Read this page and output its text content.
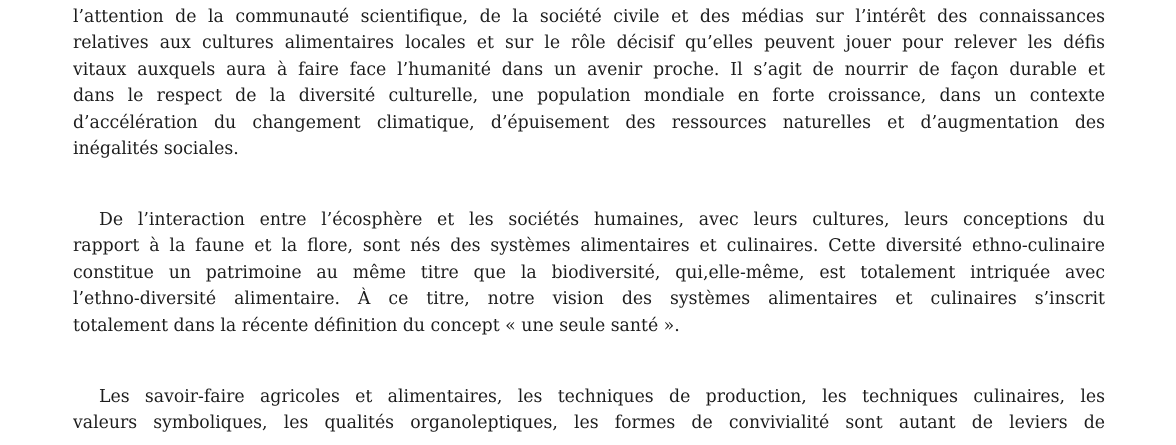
l’attention de la communauté scientifique, de la société civile et des médias sur l’intérêt des connaissances
relatives aux cultures alimentaires locales et sur le rôle décisif qu’elles peuvent jouer pour relever les défis
vitaux auxquels aura à faire face l’humanité dans un avenir proche. Il s’agit de nourrir de façon durable et
dans le respect de la diversité culturelle, une population mondiale en forte croissance, dans un contexte
d’accélération du changement climatique, d’épuisement des ressources naturelles et d’augmentation des
inégalités sociales.
De l’interaction entre l’écosphère et les sociétés humaines, avec leurs cultures, leurs conceptions du
rapport à la faune et la flore, sont nés des systèmes alimentaires et culinaires. Cette diversité ethno-culinaire
constitue un patrimoine au même titre que la biodiversité, qui,elle-même, est totalement intriquée avec
l’ethno-diversité alimentaire. À ce titre, notre vision des systèmes alimentaires et culinaires s’inscrit
totalement dans la récente définition du concept « une seule santé ».
Les savoir-faire agricoles et alimentaires, les techniques de production, les techniques culinaires, les
valeurs symboliques, les qualités organoleptiques, les formes de convivialité sont autant de leviers de
